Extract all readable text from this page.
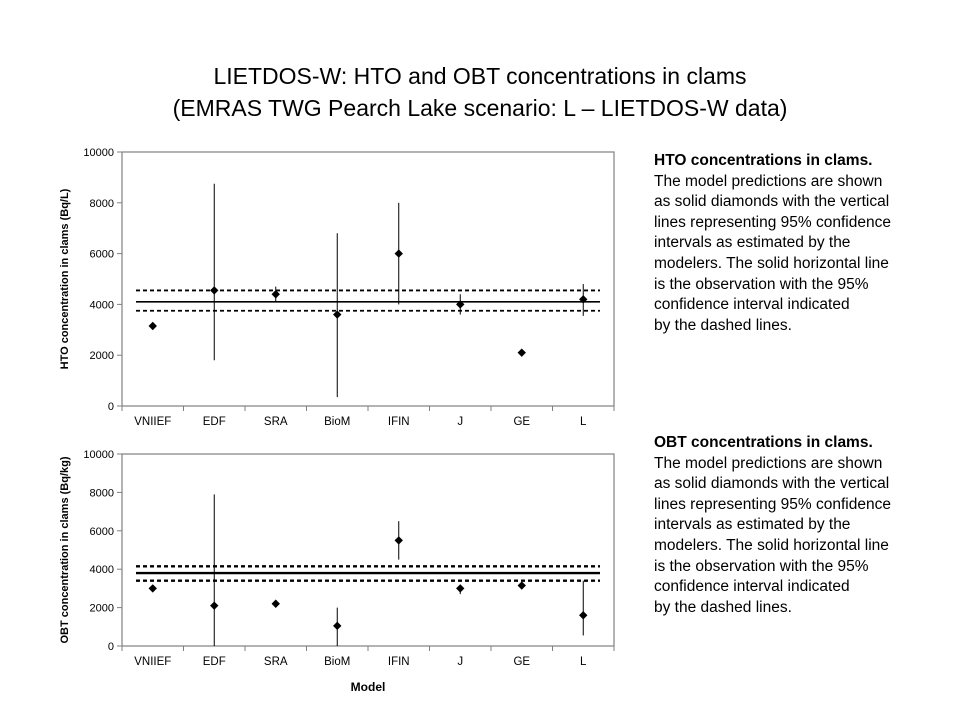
LIETDOS-W: HTO and OBT concentrations in clams
(EMRAS TWG Pearch Lake scenario: L – LIETDOS-W data)
0
2000
4000
6000
8000
10000
VNIIEF	EDF	SRA	BioM	IFIN	J	GE	L
HTO concentration in clams (Bq/L)
0
2000
4000
6000
8000
10000
VNIIEF	EDF	SRA	BioM	IFIN	J	GE	L
OBT concentration in clams (Bq/kg)
Model
HTO concentrations in clams.
The model predictions are shown
as solid diamonds with the vertical
lines representing 95% confidence
intervals as estimated by the
modelers. The solid horizontal line
is the observation with the 95%
confidence interval indicated
by the dashed lines.
OBT concentrations in clams.
The model predictions are shown
as solid diamonds with the vertical
lines representing 95% confidence
intervals as estimated by the
modelers. The solid horizontal line
is the observation with the 95%
confidence interval indicated
by the dashed lines.
